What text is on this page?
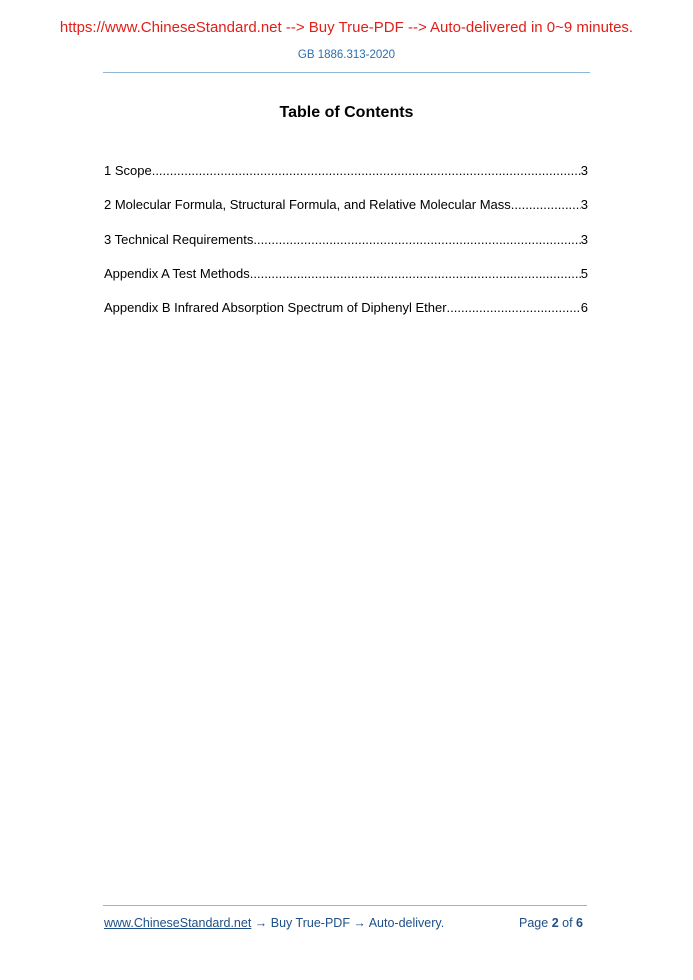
https://www.ChineseStandard.net --> Buy True-PDF --> Auto-delivered in 0~9 minutes.
GB 1886.313-2020
Table of Contents
1 Scope .....	3
2 Molecular Formula, Structural Formula, and Relative Molecular Mass .....	3
3 Technical Requirements .....	3
Appendix A Test Methods .....	5
Appendix B Infrared Absorption Spectrum of Diphenyl Ether .....	6
www.ChineseStandard.net → Buy True-PDF → Auto-delivery.	Page 2 of 6
